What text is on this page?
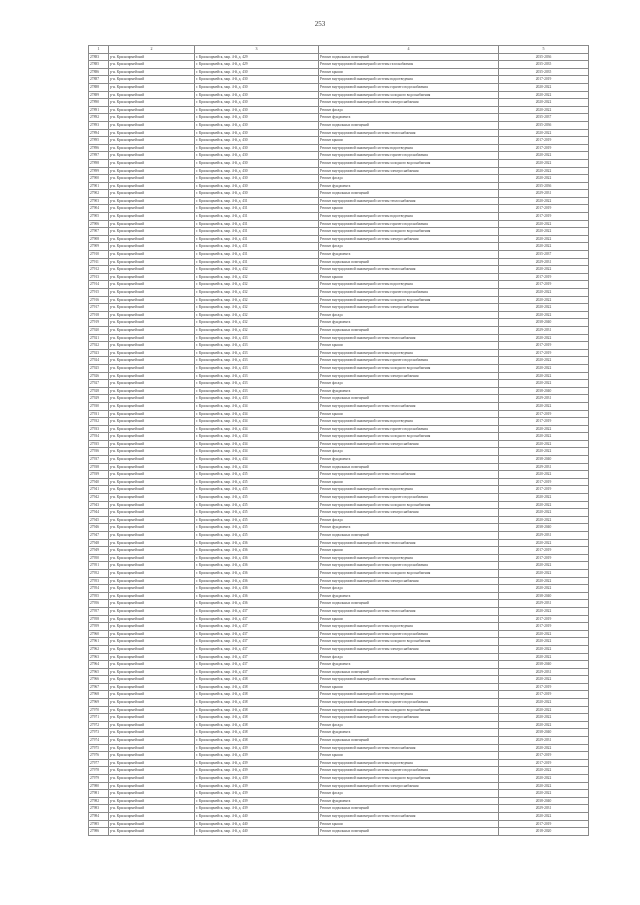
253
1	2	3	4	5
27883	р-н. Красноармейский	г. Красноармейск, мкр. 4-й, д. 429	Ремонт подвальных помещений	2035-2036
27885	р-н. Красноармейский	г. Красноармейск, мкр. 4-й, д. 429	Ремонт внутридомовой инженерной системы газоснабжения	2035-2035
27886	р-н. Красноармейский	г. Красноармейск, мкр. 4-й, д. 430	Ремонт крыши	2035-2035
27887	р-н. Красноармейский	г. Красноармейск, мкр. 4-й, д. 430	Ремонт внутридомовой инженерной системы водоотведения	2017-2019
27888	р-н. Красноармейский	г. Красноармейск, мкр. 4-й, д. 430	Ремонт внутридомовой инженерной системы горячего водоснабжения	2020-2022
27889	р-н. Красноармейский	г. Красноармейск, мкр. 4-й, д. 430	Ремонт внутридомовой инженерной системы холодного водоснабжения	2020-2022
27890	р-н. Красноармейский	г. Красноармейск, мкр. 4-й, д. 430	Ремонт внутридомовой инженерной системы электроснабжения	2020-2022
27891	р-н. Красноармейский	г. Красноармейск, мкр. 4-й, д. 430	Ремонт фасада	2020-2022
27892	р-н. Красноармейский	г. Красноармейск, мкр. 4-й, д. 430	Ремонт фундамента	2035-2037
27893	р-н. Красноармейский	г. Красноармейск, мкр. 4-й, д. 430	Ремонт подвальных помещений	2035-2036
27894	р-н. Красноармейский	г. Красноармейск, мкр. 4-й, д. 430	Ремонт внутридомовой инженерной системы теплоснабжения	2020-2022
27895	р-н. Красноармейский	г. Красноармейск, мкр. 4-й, д. 430	Ремонт крыши	2017-2019
27896	р-н. Красноармейский	г. Красноармейск, мкр. 4-й, д. 430	Ремонт внутридомовой инженерной системы водоотведения	2017-2019
27897	р-н. Красноармейский	г. Красноармейск, мкр. 4-й, д. 430	Ремонт внутридомовой инженерной системы горячего водоснабжения	2020-2022
27898	р-н. Красноармейский	г. Красноармейск, мкр. 4-й, д. 430	Ремонт внутридомовой инженерной системы холодного водоснабжения	2020-2022
27899	р-н. Красноармейский	г. Красноармейск, мкр. 4-й, д. 430	Ремонт внутридомовой инженерной системы электроснабжения	2020-2022
27900	р-н. Красноармейский	г. Красноармейск, мкр. 4-й, д. 430	Ремонт фасада	2020-2022
27901	р-н. Красноармейский	г. Красноармейск, мкр. 4-й, д. 430	Ремонт фундамента	2035-2036
27902	р-н. Красноармейский	г. Красноармейск, мкр. 4-й, д. 430	Ремонт подвальных помещений	2029-2031
27903	р-н. Красноармейский	г. Красноармейск, мкр. 4-й, д. 431	Ремонт внутридомовой инженерной системы теплоснабжения	2020-2022
27904	р-н. Красноармейский	г. Красноармейск, мкр. 4-й, д. 431	Ремонт крыши	2017-2019
27905	р-н. Красноармейский	г. Красноармейск, мкр. 4-й, д. 431	Ремонт внутридомовой инженерной системы водоотведения	2017-2019
27906	р-н. Красноармейский	г. Красноармейск, мкр. 4-й, д. 431	Ремонт внутридомовой инженерной системы горячего водоснабжения	2020-2022
27907	р-н. Красноармейский	г. Красноармейск, мкр. 4-й, д. 431	Ремонт внутридомовой инженерной системы холодного водоснабжения	2020-2022
27908	р-н. Красноармейский	г. Красноармейск, мкр. 4-й, д. 431	Ремонт внутридомовой инженерной системы электроснабжения	2020-2022
27909	р-н. Красноармейский	г. Красноармейск, мкр. 4-й, д. 431	Ремонт фасада	2020-2022
27910	р-н. Красноармейский	г. Красноармейск, мкр. 4-й, д. 431	Ремонт фундамента	2035-2037
27911	р-н. Красноармейский	г. Красноармейск, мкр. 4-й, д. 431	Ремонт подвальных помещений	2029-2031
27912	р-н. Красноармейский	г. Красноармейск, мкр. 4-й, д. 432	Ремонт внутридомовой инженерной системы теплоснабжения	2020-2022
27913	р-н. Красноармейский	г. Красноармейск, мкр. 4-й, д. 432	Ремонт крыши	2017-2019
27914	р-н. Красноармейский	г. Красноармейск, мкр. 4-й, д. 432	Ремонт внутридомовой инженерной системы водоотведения	2017-2019
27915	р-н. Красноармейский	г. Красноармейск, мкр. 4-й, д. 432	Ремонт внутридомовой инженерной системы горячего водоснабжения	2020-2022
27916	р-н. Красноармейский	г. Красноармейск, мкр. 4-й, д. 432	Ремонт внутридомовой инженерной системы холодного водоснабжения	2020-2022
27917	р-н. Красноармейский	г. Красноармейск, мкр. 4-й, д. 432	Ремонт внутридомовой инженерной системы электроснабжения	2020-2022
27918	р-н. Красноармейский	г. Красноармейск, мкр. 4-й, д. 432	Ремонт фасада	2020-2022
27919	р-н. Красноармейский	г. Красноармейск, мкр. 4-й, д. 432	Ремонт фундамента	2038-2040
27920	р-н. Красноармейский	г. Красноармейск, мкр. 4-й, д. 432	Ремонт подвальных помещений	2029-2031
27921	р-н. Красноармейский	г. Красноармейск, мкр. 4-й, д. 433	Ремонт внутридомовой инженерной системы теплоснабжения	2020-2022
27922	р-н. Красноармейский	г. Красноармейск, мкр. 4-й, д. 433	Ремонт крыши	2017-2019
27923	р-н. Красноармейский	г. Красноармейск, мкр. 4-й, д. 433	Ремонт внутридомовой инженерной системы водоотведения	2017-2019
27924	р-н. Красноармейский	г. Красноармейск, мкр. 4-й, д. 433	Ремонт внутридомовой инженерной системы горячего водоснабжения	2020-2022
27925	р-н. Красноармейский	г. Красноармейск, мкр. 4-й, д. 433	Ремонт внутридомовой инженерной системы холодного водоснабжения	2020-2022
27926	р-н. Красноармейский	г. Красноармейск, мкр. 4-й, д. 433	Ремонт внутридомовой инженерной системы электроснабжения	2020-2022
27927	р-н. Красноармейский	г. Красноармейск, мкр. 4-й, д. 433	Ремонт фасада	2020-2022
27928	р-н. Красноармейский	г. Красноармейск, мкр. 4-й, д. 433	Ремонт фундамента	2038-2040
27929	р-н. Красноармейский	г. Красноармейск, мкр. 4-й, д. 433	Ремонт подвальных помещений	2029-2031
27930	р-н. Красноармейский	г. Красноармейск, мкр. 4-й, д. 434	Ремонт внутридомовой инженерной системы теплоснабжения	2020-2022
27931	р-н. Красноармейский	г. Красноармейск, мкр. 4-й, д. 434	Ремонт крыши	2017-2019
27932	р-н. Красноармейский	г. Красноармейск, мкр. 4-й, д. 434	Ремонт внутридомовой инженерной системы водоотведения	2017-2019
27933	р-н. Красноармейский	г. Красноармейск, мкр. 4-й, д. 434	Ремонт внутридомовой инженерной системы горячего водоснабжения	2020-2022
27934	р-н. Красноармейский	г. Красноармейск, мкр. 4-й, д. 434	Ремонт внутридомовой инженерной системы холодного водоснабжения	2020-2022
27935	р-н. Красноармейский	г. Красноармейск, мкр. 4-й, д. 434	Ремонт внутридомовой инженерной системы электроснабжения	2020-2022
27936	р-н. Красноармейский	г. Красноармейск, мкр. 4-й, д. 434	Ремонт фасада	2020-2022
27937	р-н. Красноармейский	г. Красноармейск, мкр. 4-й, д. 434	Ремонт фундамента	2038-2040
27938	р-н. Красноармейский	г. Красноармейск, мкр. 4-й, д. 434	Ремонт подвальных помещений	2029-2031
27939	р-н. Красноармейский	г. Красноармейск, мкр. 4-й, д. 435	Ремонт внутридомовой инженерной системы теплоснабжения	2020-2022
27940	р-н. Красноармейский	г. Красноармейск, мкр. 4-й, д. 435	Ремонт крыши	2017-2019
27941	р-н. Красноармейский	г. Красноармейск, мкр. 4-й, д. 435	Ремонт внутридомовой инженерной системы водоотведения	2017-2019
27942	р-н. Красноармейский	г. Красноармейск, мкр. 4-й, д. 435	Ремонт внутридомовой инженерной системы горячего водоснабжения	2020-2022
27943	р-н. Красноармейский	г. Красноармейск, мкр. 4-й, д. 435	Ремонт внутридомовой инженерной системы холодного водоснабжения	2020-2022
27944	р-н. Красноармейский	г. Красноармейск, мкр. 4-й, д. 435	Ремонт внутридомовой инженерной системы электроснабжения	2020-2022
27945	р-н. Красноармейский	г. Красноармейск, мкр. 4-й, д. 435	Ремонт фасада	2020-2022
27946	р-н. Красноармейский	г. Красноармейск, мкр. 4-й, д. 435	Ремонт фундамента	2038-2040
27947	р-н. Красноармейский	г. Красноармейск, мкр. 4-й, д. 435	Ремонт подвальных помещений	2029-2031
27948	р-н. Красноармейский	г. Красноармейск, мкр. 4-й, д. 436	Ремонт внутридомовой инженерной системы теплоснабжения	2020-2022
27949	р-н. Красноармейский	г. Красноармейск, мкр. 4-й, д. 436	Ремонт крыши	2017-2019
27950	р-н. Красноармейский	г. Красноармейск, мкр. 4-й, д. 436	Ремонт внутридомовой инженерной системы водоотведения	2017-2019
27951	р-н. Красноармейский	г. Красноармейск, мкр. 4-й, д. 436	Ремонт внутридомовой инженерной системы горячего водоснабжения	2020-2022
27952	р-н. Красноармейский	г. Красноармейск, мкр. 4-й, д. 436	Ремонт внутридомовой инженерной системы холодного водоснабжения	2020-2022
27953	р-н. Красноармейский	г. Красноармейск, мкр. 4-й, д. 436	Ремонт внутридомовой инженерной системы электроснабжения	2020-2022
27954	р-н. Красноармейский	г. Красноармейск, мкр. 4-й, д. 436	Ремонт фасада	2020-2022
27955	р-н. Красноармейский	г. Красноармейск, мкр. 4-й, д. 436	Ремонт фундамента	2038-2040
27956	р-н. Красноармейский	г. Красноармейск, мкр. 4-й, д. 436	Ремонт подвальных помещений	2029-2031
27957	р-н. Красноармейский	г. Красноармейск, мкр. 4-й, д. 437	Ремонт внутридомовой инженерной системы теплоснабжения	2020-2022
27958	р-н. Красноармейский	г. Красноармейск, мкр. 4-й, д. 437	Ремонт крыши	2017-2019
27959	р-н. Красноармейский	г. Красноармейск, мкр. 4-й, д. 437	Ремонт внутридомовой инженерной системы водоотведения	2017-2019
27960	р-н. Красноармейский	г. Красноармейск, мкр. 4-й, д. 437	Ремонт внутридомовой инженерной системы горячего водоснабжения	2020-2022
27961	р-н. Красноармейский	г. Красноармейск, мкр. 4-й, д. 437	Ремонт внутридомовой инженерной системы холодного водоснабжения	2020-2022
27962	р-н. Красноармейский	г. Красноармейск, мкр. 4-й, д. 437	Ремонт внутридомовой инженерной системы электроснабжения	2020-2022
27963	р-н. Красноармейский	г. Красноармейск, мкр. 4-й, д. 437	Ремонт фасада	2020-2022
27964	р-н. Красноармейский	г. Красноармейск, мкр. 4-й, д. 437	Ремонт фундамента	2038-2040
27965	р-н. Красноармейский	г. Красноармейск, мкр. 4-й, д. 437	Ремонт подвальных помещений	2029-2031
27966	р-н. Красноармейский	г. Красноармейск, мкр. 4-й, д. 438	Ремонт внутридомовой инженерной системы теплоснабжения	2020-2022
27967	р-н. Красноармейский	г. Красноармейск, мкр. 4-й, д. 438	Ремонт крыши	2017-2019
27968	р-н. Красноармейский	г. Красноармейск, мкр. 4-й, д. 438	Ремонт внутридомовой инженерной системы водоотведения	2017-2019
27969	р-н. Красноармейский	г. Красноармейск, мкр. 4-й, д. 438	Ремонт внутридомовой инженерной системы горячего водоснабжения	2020-2022
27970	р-н. Красноармейский	г. Красноармейск, мкр. 4-й, д. 438	Ремонт внутридомовой инженерной системы холодного водоснабжения	2020-2022
27971	р-н. Красноармейский	г. Красноармейск, мкр. 4-й, д. 438	Ремонт внутридомовой инженерной системы электроснабжения	2020-2022
27972	р-н. Красноармейский	г. Красноармейск, мкр. 4-й, д. 438	Ремонт фасада	2020-2022
27973	р-н. Красноармейский	г. Красноармейск, мкр. 4-й, д. 438	Ремонт фундамента	2038-2040
27974	р-н. Красноармейский	г. Красноармейск, мкр. 4-й, д. 438	Ремонт подвальных помещений	2029-2031
27975	р-н. Красноармейский	г. Красноармейск, мкр. 4-й, д. 439	Ремонт внутридомовой инженерной системы теплоснабжения	2020-2022
27976	р-н. Красноармейский	г. Красноармейск, мкр. 4-й, д. 439	Ремонт крыши	2017-2019
27977	р-н. Красноармейский	г. Красноармейск, мкр. 4-й, д. 439	Ремонт внутридомовой инженерной системы водоотведения	2017-2019
27978	р-н. Красноармейский	г. Красноармейск, мкр. 4-й, д. 439	Ремонт внутридомовой инженерной системы горячего водоснабжения	2020-2022
27979	р-н. Красноармейский	г. Красноармейск, мкр. 4-й, д. 439	Ремонт внутридомовой инженерной системы холодного водоснабжения	2020-2022
27980	р-н. Красноармейский	г. Красноармейск, мкр. 4-й, д. 439	Ремонт внутридомовой инженерной системы электроснабжения	2020-2022
27981	р-н. Красноармейский	г. Красноармейск, мкр. 4-й, д. 439	Ремонт фасада	2020-2022
27982	р-н. Красноармейский	г. Красноармейск, мкр. 4-й, д. 439	Ремонт фундамента	2038-2040
27983	р-н. Красноармейский	г. Красноармейск, мкр. 4-й, д. 439	Ремонт подвальных помещений	2029-2031
27984	р-н. Красноармейский	г. Красноармейск, мкр. 4-й, д. 440	Ремонт внутридомовой инженерной системы теплоснабжения	2020-2022
27985	р-н. Красноармейский	г. Красноармейск, мкр. 4-й, д. 440	Ремонт крыши	2017-2019
27986	р-н. Красноармейский	г. Красноармейск, мкр. 4-й, д. 440	Ремонт подвальных помещений	2018-2020
